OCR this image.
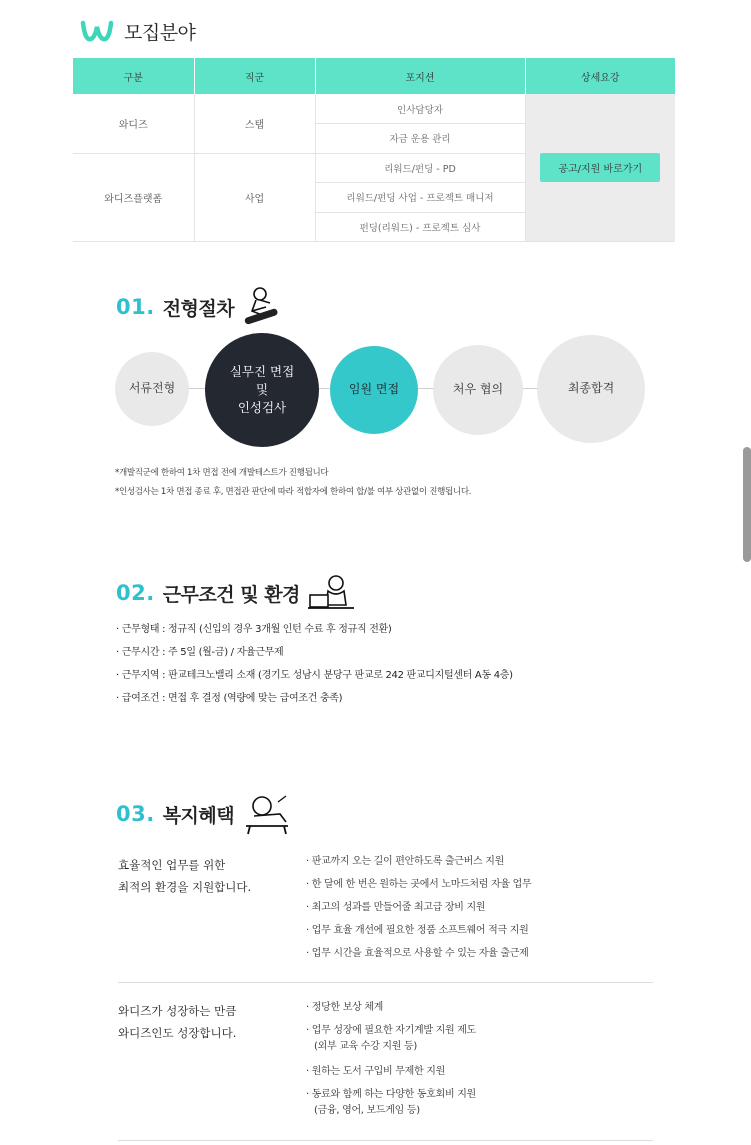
모집분야
구분	직군	포지션	상세요강
와디즈	스탭	인사담당자	공고/지원 바로가기
		자금 운용 관리	
와디즈플랫폼	사업	리워드/펀딩 - PD	
		리워드/펀딩 사업 - 프로젝트 매니저	
		펀딩(리워드) - 프로젝트 심사	
01. 전형절차
서류전형
실무진 면접
및
인성검사
임원 면접	처우 협의	최종합격
*개발직군에 한하여 1차 면접 전에 개발테스트가 진행됩니다
*인성검사는 1차 면접 종료 후, 면접관 판단에 따라 적합자에 한하여 합/불 여부 상관없이 진행됩니다.
02. 근무조건 및 환경
· 근무형태 : 정규직 (신입의 경우 3개월 인턴 수료 후 정규직 전환)
· 근무시간 : 주 5일 (월-금) / 자율근무제
· 근무지역 : 판교테크노밸리 소재 (경기도 성남시 분당구 판교로 242 판교디지털센터 A동 4층)
· 급여조건 : 면접 후 결정 (역량에 맞는 급여조건 충족)
03. 복지혜택
효율적인 업무를 위한
최적의 환경을 지원합니다.
· 판교까지 오는 길이 편안하도록 출근버스 지원
· 한 달에 한 번은 원하는 곳에서 노마드처럼 자율 업무
· 최고의 성과를 만들어줄 최고급 장비 지원
· 업무 효율 개선에 필요한 정품 소프트웨어 적극 지원
· 업무 시간을 효율적으로 사용할 수 있는 자율 출근제
와디즈가 성장하는 만큼
와디즈인도 성장합니다.
· 정당한 보상 체계
· 업무 성장에 필요한 자기계발 지원 제도
(외부 교육 수강 지원 등)
· 원하는 도서 구입비 무제한 지원
· 동료와 함께 하는 다양한 동호회비 지원
(금융, 영어, 보드게임 등)
